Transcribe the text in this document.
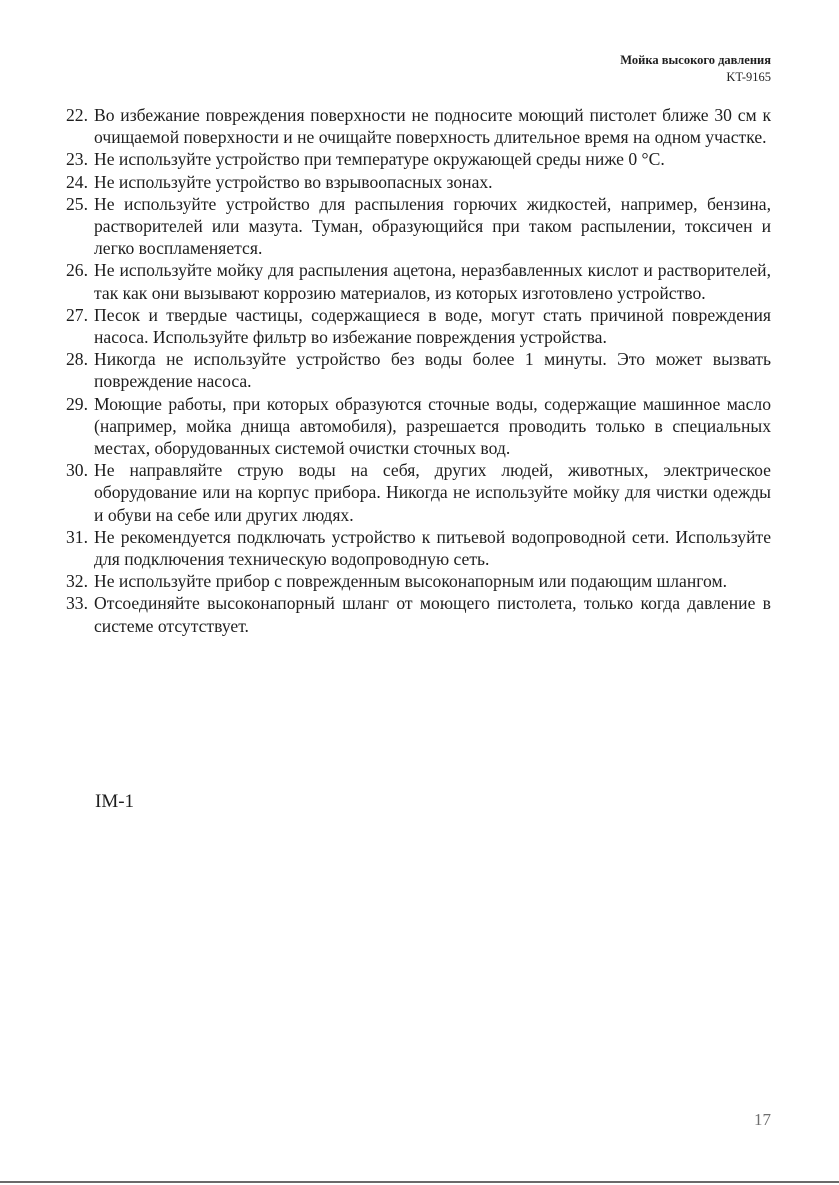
Мойка высокого давления
KT-9165
22. Во избежание повреждения поверхности не подносите моющий пистолет ближе 30 см к очищаемой поверхности и не очищайте поверхность длительное время на одном участке.
23. Не используйте устройство при температуре окружающей среды ниже 0 °С.
24. Не используйте устройство во взрывоопасных зонах.
25. Не используйте устройство для распыления горючих жидкостей, например, бензина, растворителей или мазута. Туман, образующийся при таком распылении, токсичен и легко воспламеняется.
26. Не используйте мойку для распыления ацетона, неразбавленных кислот и растворителей, так как они вызывают коррозию материалов, из которых изготовлено устройство.
27. Песок и твердые частицы, содержащиеся в воде, могут стать причиной повреждения насоса. Используйте фильтр во избежание повреждения устройства.
28. Никогда не используйте устройство без воды более 1 минуты. Это может вызвать повреждение насоса.
29. Моющие работы, при которых образуются сточные воды, содержащие машинное масло (например, мойка днища автомобиля), разрешается проводить только в специальных местах, оборудованных системой очистки сточных вод.
30. Не направляйте струю воды на себя, других людей, животных, электрическое оборудование или на корпус прибора. Никогда не используйте мойку для чистки одежды и обуви на себе или других людях.
31. Не рекомендуется подключать устройство к питьевой водопроводной сети. Используйте для подключения техническую водопроводную сеть.
32. Не используйте прибор с поврежденным высоконапорным или подающим шлангом.
33. Отсоединяйте высоконапорный шланг от моющего пистолета, только когда давление в системе отсутствует.
IM-1
17
